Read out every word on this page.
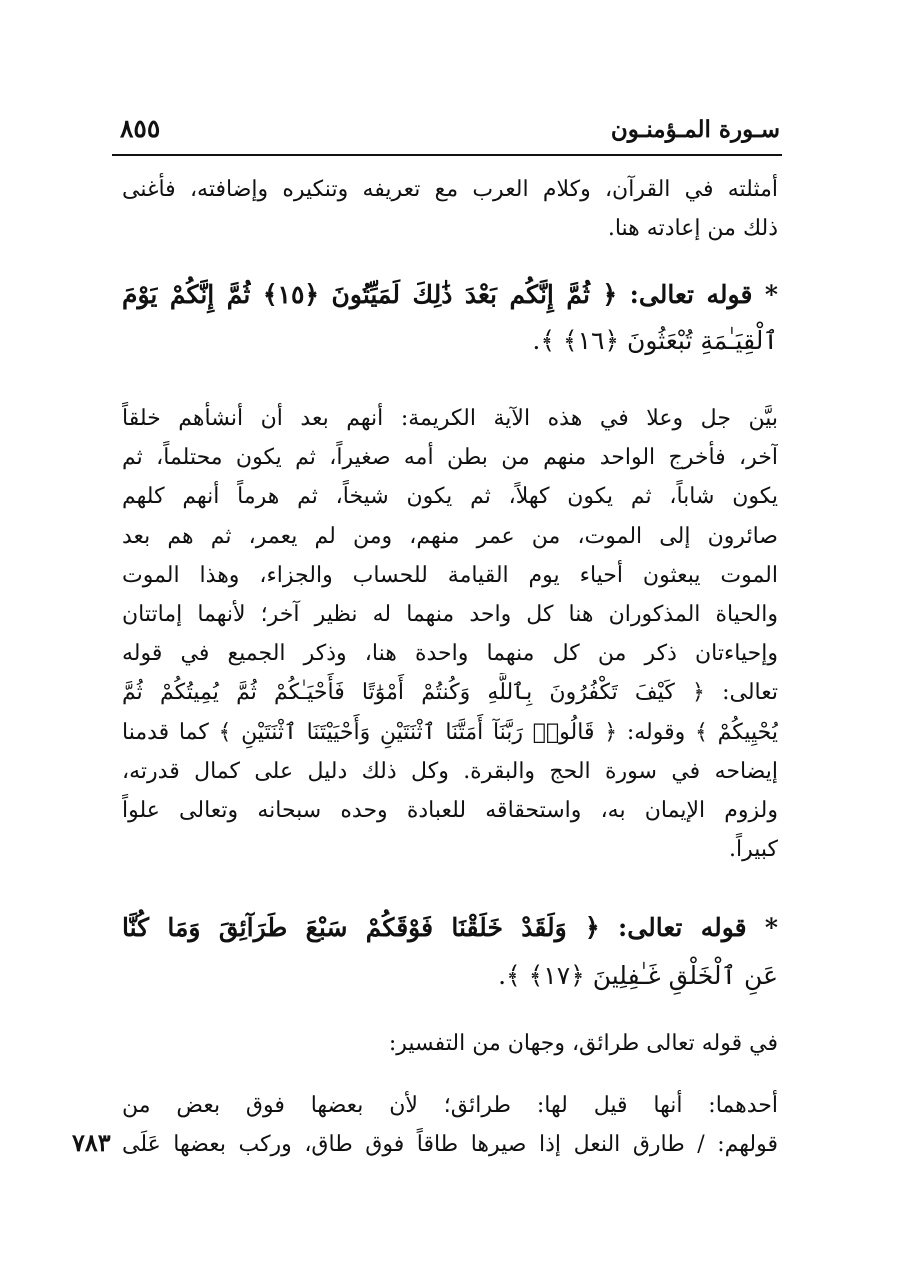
سـورة المـؤمنـون
٨٥٥
أمثلته في القرآن، وكلام العرب مع تعريفه وتنكيره وإضافته، فأغنى
ذلك من إعادته هنا.
* قوله تعالى: ﴿ ثُمَّ إِنَّكُم بَعْدَ ذَٰلِكَ لَمَيِّتُونَ ﴿١٥﴾ ثُمَّ إِنَّكُمْ يَوْمَ
ٱلْقِيَـٰمَةِ تُبْعَثُونَ ﴿١٦﴾ ﴾.
بيَّن جل وعلا في هذه الآية الكريمة: أنهم بعد أن أنشأهم خلقاً
آخر، فأخرج الواحد منهم من بطن أمه صغيراً، ثم يكون محتلماً، ثم
يكون شاباً، ثم يكون كهلاً، ثم يكون شيخاً، ثم هرماً أنهم كلهم
صائرون إلى الموت، من عمر منهم، ومن لم يعمر، ثم هم بعد
الموت يبعثون أحياء يوم القيامة للحساب والجزاء، وهذا الموت
والحياة المذكوران هنا كل واحد منهما له نظير آخر؛ لأنهما إماتتان
وإحياءتان ذكر من كل منهما واحدة هنا، وذكر الجميع في قوله
تعالى: ﴿ كَيْفَ تَكْفُرُونَ بِٱللَّهِ وَكُنتُمْ أَمْوَٰتًا فَأَحْيَـٰكُمْ ثُمَّ يُمِيتُكُمْ ثُمَّ
يُحْيِيكُمْ ﴾ وقوله: ﴿ قَالُوا۟ رَبَّنَآ أَمَتَّنَا ٱثْنَتَيْنِ وَأَحْيَيْتَنَا ٱثْنَتَيْنِ ﴾ كما قدمنا
إيضاحه في سورة الحج والبقرة. وكل ذلك دليل على كمال قدرته،
ولزوم الإيمان به، واستحقاقه للعبادة وحده سبحانه وتعالى علواً
كبيراً.
* قوله تعالى: ﴿ وَلَقَدْ خَلَقْنَا فَوْقَكُمْ سَبْعَ طَرَآئِقَ وَمَا كُنَّا
عَنِ ٱلْخَلْقِ غَـٰفِلِينَ ﴿١٧﴾ ﴾.
في قوله تعالى طرائق، وجهان من التفسير:
أحدهما: أنها قيل لها: طرائق؛ لأن بعضها فوق بعض من
قولهم: / طارق النعل إذا صيرها طاقاً فوق طاق، وركب بعضها عَلَى
٧٨٣
